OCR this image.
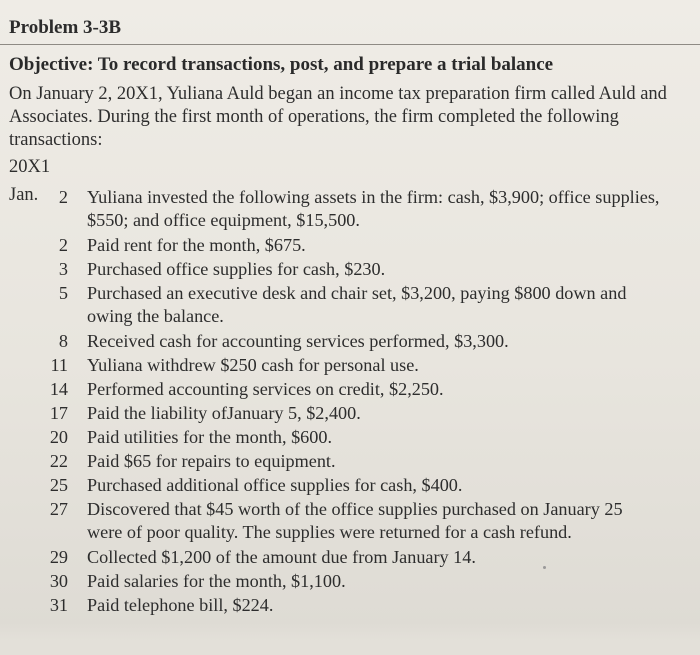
Problem 3-3B
Objective: To record transactions, post, and prepare a trial balance
On January 2, 20X1, Yuliana Auld began an income tax preparation firm called Auld and Associates. During the first month of operations, the firm completed the following transactions:
20X1
Jan.	2 Yuliana invested the following assets in the firm: cash, $3,900; office supplies,
$550; and office equipment, $15,500.
2 Paid rent for the month, $675.
3 Purchased office supplies for cash, $230.
5 Purchased an executive desk and chair set, $3,200, paying $800 down and
owing the balance.
8 Received cash for accounting services performed, $3,300.
11 Yuliana withdrew $250 cash for personal use.
14 Performed accounting services on credit, $2,250.
17 Paid the liability ofJanuary 5, $2,400.
20 Paid utilities for the month, $600.
22 Paid $65 for repairs to equipment.
25 Purchased additional office supplies for cash, $400.
27 Discovered that $45 worth of the office supplies purchased on January 25
were of poor quality. The supplies were returned for a cash refund.
29 Collected $1,200 of the amount due from January 14.
30 Paid salaries for the month, $1,100.
31 Paid telephone bill, $224.
